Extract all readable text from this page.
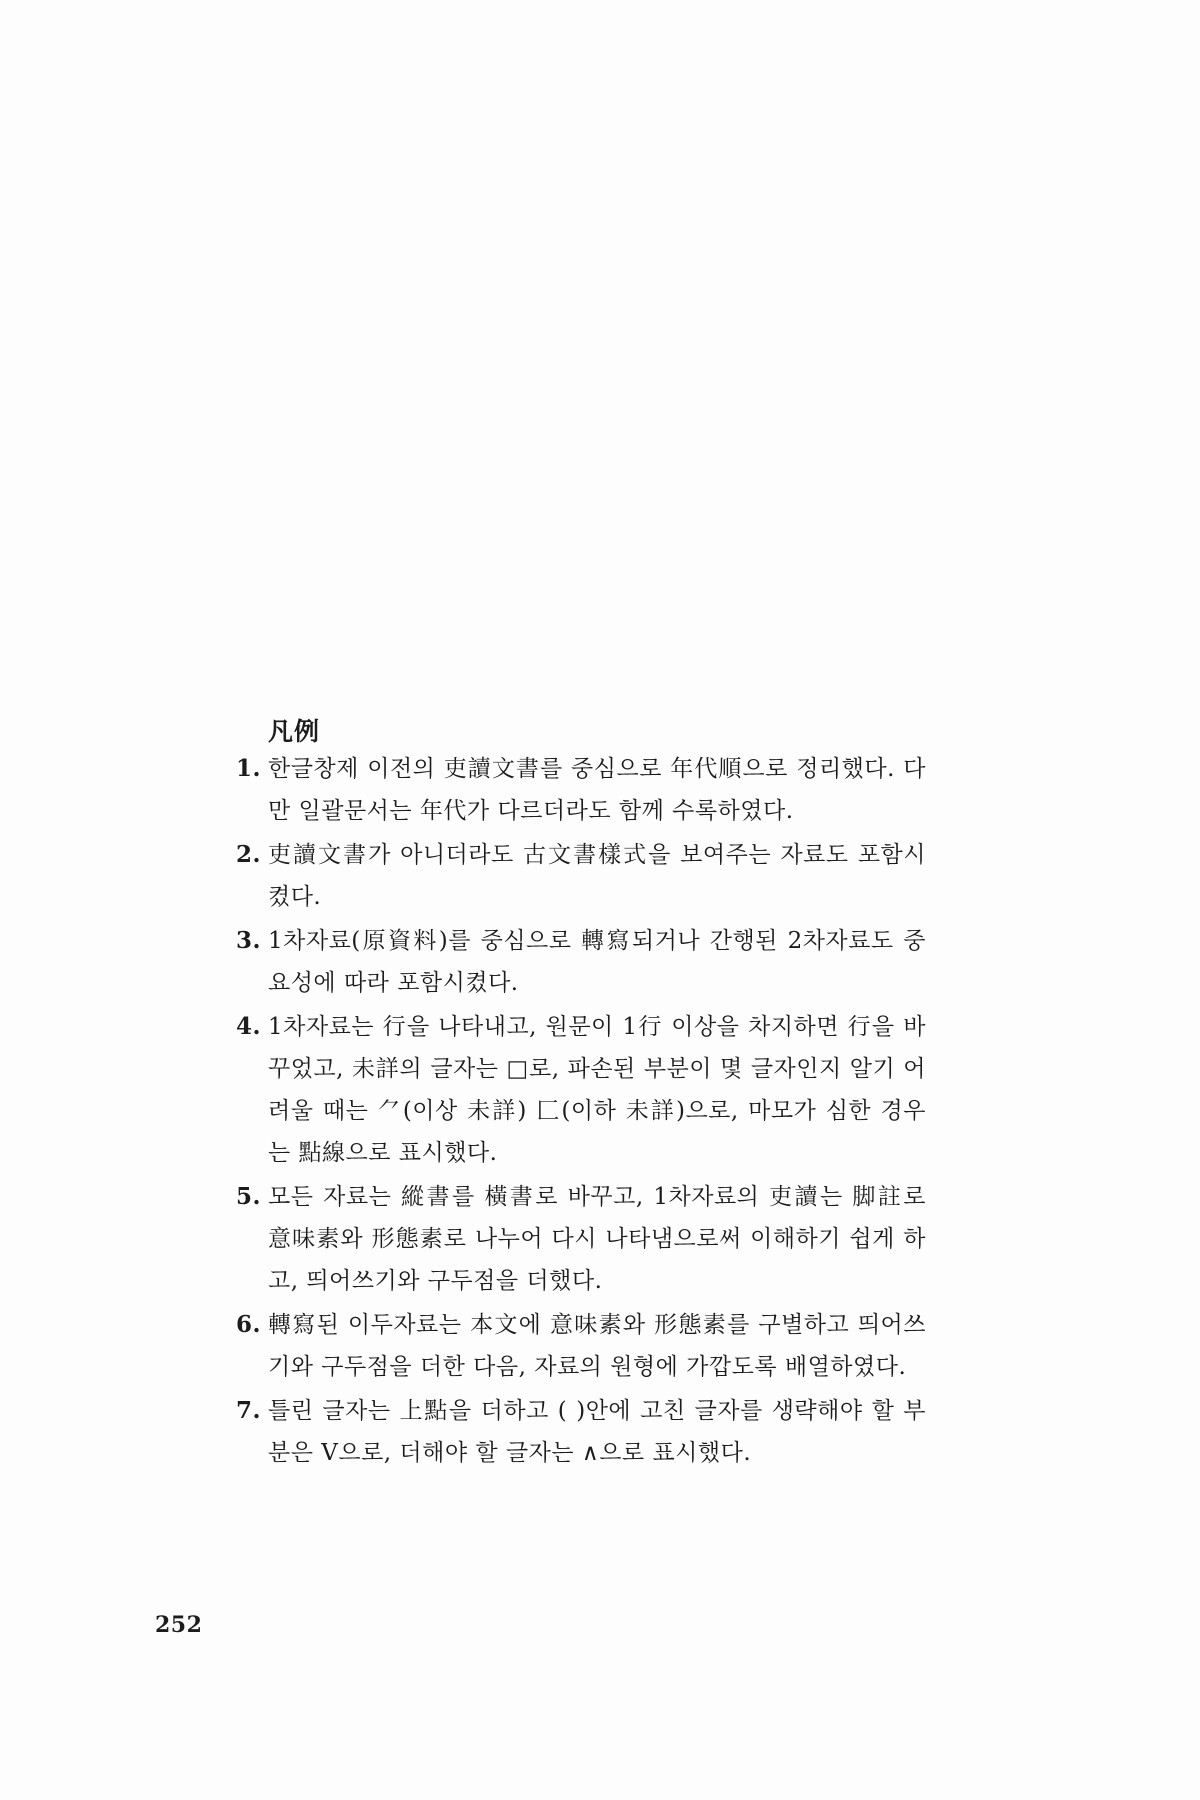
凡例
1. 한글창제 이전의 吏讀文書를 중심으로 年代順으로 정리했다. 다만 일괄문서는 年代가 다르더라도 함께 수록하였다.
2. 吏讀文書가 아니더라도 古文書樣式을 보여주는 자료도 포함시켰다.
3. 1차자료(原資料)를 중심으로 轉寫되거나 간행된 2차자료도 중요성에 따라 포함시켰다.
4. 1차자료는 行을 나타내고, 원문이 1行 이상을 차지하면 行을 바꾸었고, 未詳의 글자는 □로, 파손된 부분이 몇 글자인지 알기 어려울 때는 ⺈(이상 未詳) ⼕(이하 未詳)으로, 마모가 심한 경우는 點線으로 표시했다.
5. 모든 자료는 縱書를 橫書로 바꾸고, 1차자료의 吏讀는 脚註로 意味素와 形態素로 나누어 다시 나타냄으로써 이해하기 쉽게 하고, 띄어쓰기와 구두점을 더했다.
6. 轉寫된 이두자료는 本文에 意味素와 形態素를 구별하고 띄어쓰기와 구두점을 더한 다음, 자료의 원형에 가깝도록 배열하였다.
7. 틀린 글자는 上點을 더하고 ( )안에 고친 글자를 생략해야 할 부분은 V으로, 더해야 할 글자는 ∧으로 표시했다.
252
